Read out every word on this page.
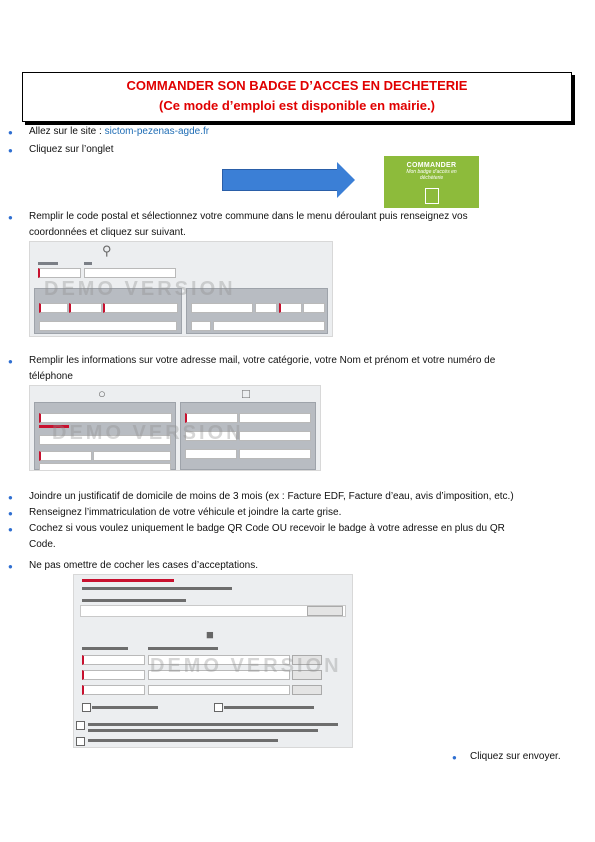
COMMANDER SON BADGE D’ACCES EN DECHETERIE
(Ce mode d’emploi est disponible en mairie.)
● Allez sur le site : sictom-pezenas-agde.fr
● Cliquez sur l’onglet
COMMANDER
Mon badge d’accès en
déchèterie
● Remplir le code postal et sélectionnez votre commune dans le menu déroulant puis renseignez vos
coordonnées et cliquez sur suivant.
⚲
DEMO VERSION
● Remplir les informations sur votre adresse mail, votre catégorie, votre Nom et prénom et votre numéro de
téléphone
○	□
DEMO VERSION
● Joindre un justificatif de domicile de moins de 3 mois (ex : Facture EDF, Facture d’eau, avis d’imposition, etc.)
● Renseignez l’immatriculation de votre véhicule et joindre la carte grise.
● Cochez si vous voulez uniquement le badge QR Code OU recevoir le badge à votre adresse en plus du QR
Code.
● Ne pas omettre de cocher les cases d’acceptations.
■
DEMO VERSION
● Cliquez sur envoyer.
